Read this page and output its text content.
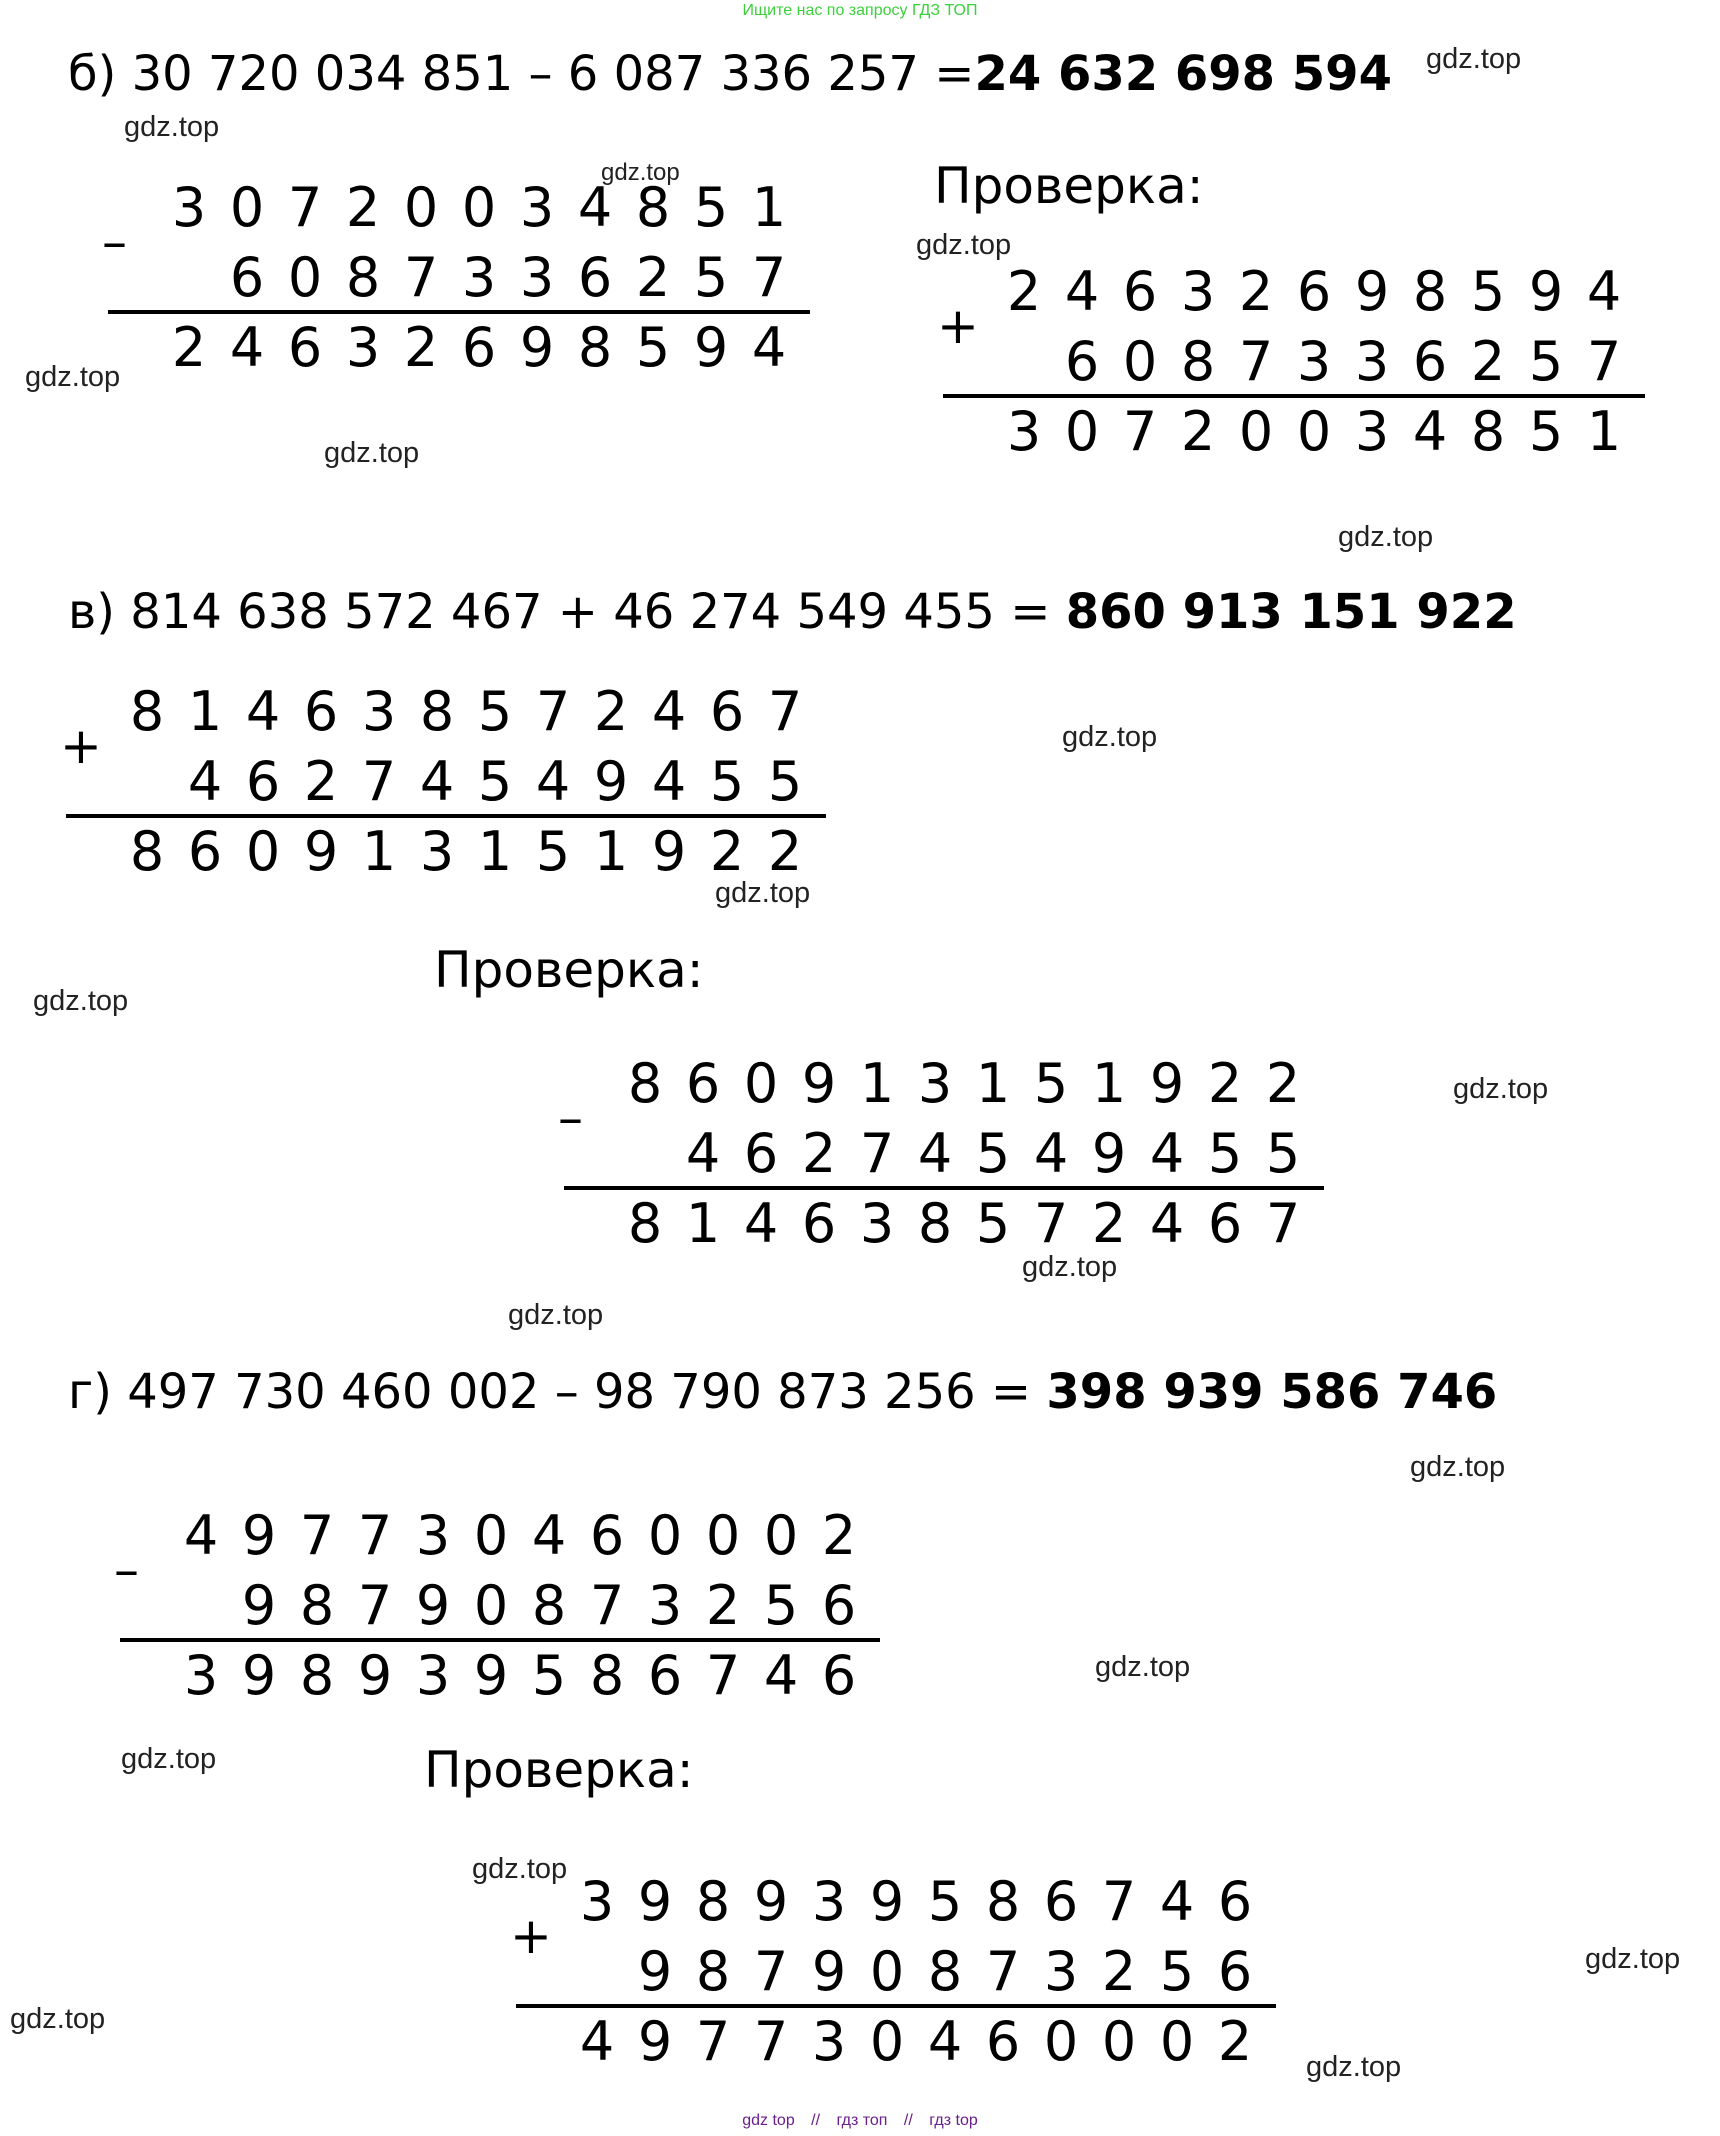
Ищите нас по запросу ГДЗ ТОП
б) 30 720 034 851 – 6 087 336 257 =24 632 698 594
3 0 7 2 0 0 3 4 8 5 1
6 0 8 7 3 3 6 2 5 7
2 4 6 3 2 6 9 8 5 9 4
–
Проверка:
2 4 6 3 2 6 9 8 5 9 4
6 0 8 7 3 3 6 2 5 7
3 0 7 2 0 0 3 4 8 5 1
+
в) 814 638 572 467 + 46 274 549 455 = 860 913 151 922
8 1 4 6 3 8 5 7 2 4 6 7
4 6 2 7 4 5 4 9 4 5 5
8 6 0 9 1 3 1 5 1 9 2 2
+
Проверка:
8 6 0 9 1 3 1 5 1 9 2 2
4 6 2 7 4 5 4 9 4 5 5
8 1 4 6 3 8 5 7 2 4 6 7
–
г) 497 730 460 002 – 98 790 873 256 = 398 939 586 746
4 9 7 7 3 0 4 6 0 0 0 2
9 8 7 9 0 8 7 3 2 5 6
3 9 8 9 3 9 5 8 6 7 4 6
–
Проверка:
3 9 8 9 3 9 5 8 6 7 4 6
9 8 7 9 0 8 7 3 2 5 6
4 9 7 7 3 0 4 6 0 0 0 2
+
gdz.top
gdz.top
gdz.top
gdz.top
gdz.top
gdz.top
gdz.top
gdz.top
gdz.top
gdz.top
gdz.top
gdz.top
gdz.top
gdz.top
gdz.top
gdz.top
gdz.top
gdz.top
gdz.top
gdz.top
gdz top // гдз топ // гдз top
